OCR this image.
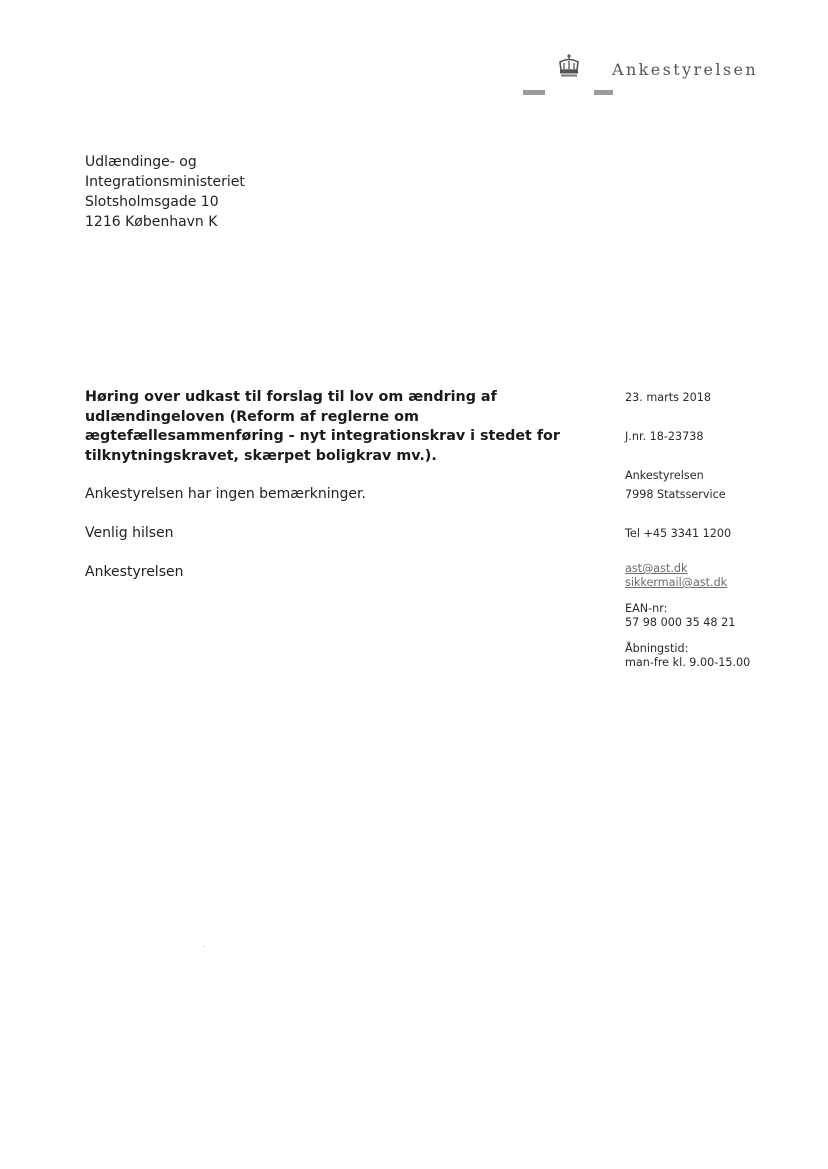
Ankestyrelsen
Udlændinge- og
Integrationsministeriet
Slotsholmsgade 10
1216 København K
Høring over udkast til forslag til lov om ændring af
udlændingeloven (Reform af reglerne om
ægtefællesammenføring - nyt integrationskrav i stedet for
tilknytningskravet, skærpet boligkrav mv.).
Ankestyrelsen har ingen bemærkninger.
Venlig hilsen
Ankestyrelsen
23. marts 2018
J.nr. 18-23738
Ankestyrelsen
7998 Statsservice
Tel +45 3341 1200
ast@ast.dk
sikkermail@ast.dk
EAN-nr:
57 98 000 35 48 21
Åbningstid:
man-fre kl. 9.00-15.00
